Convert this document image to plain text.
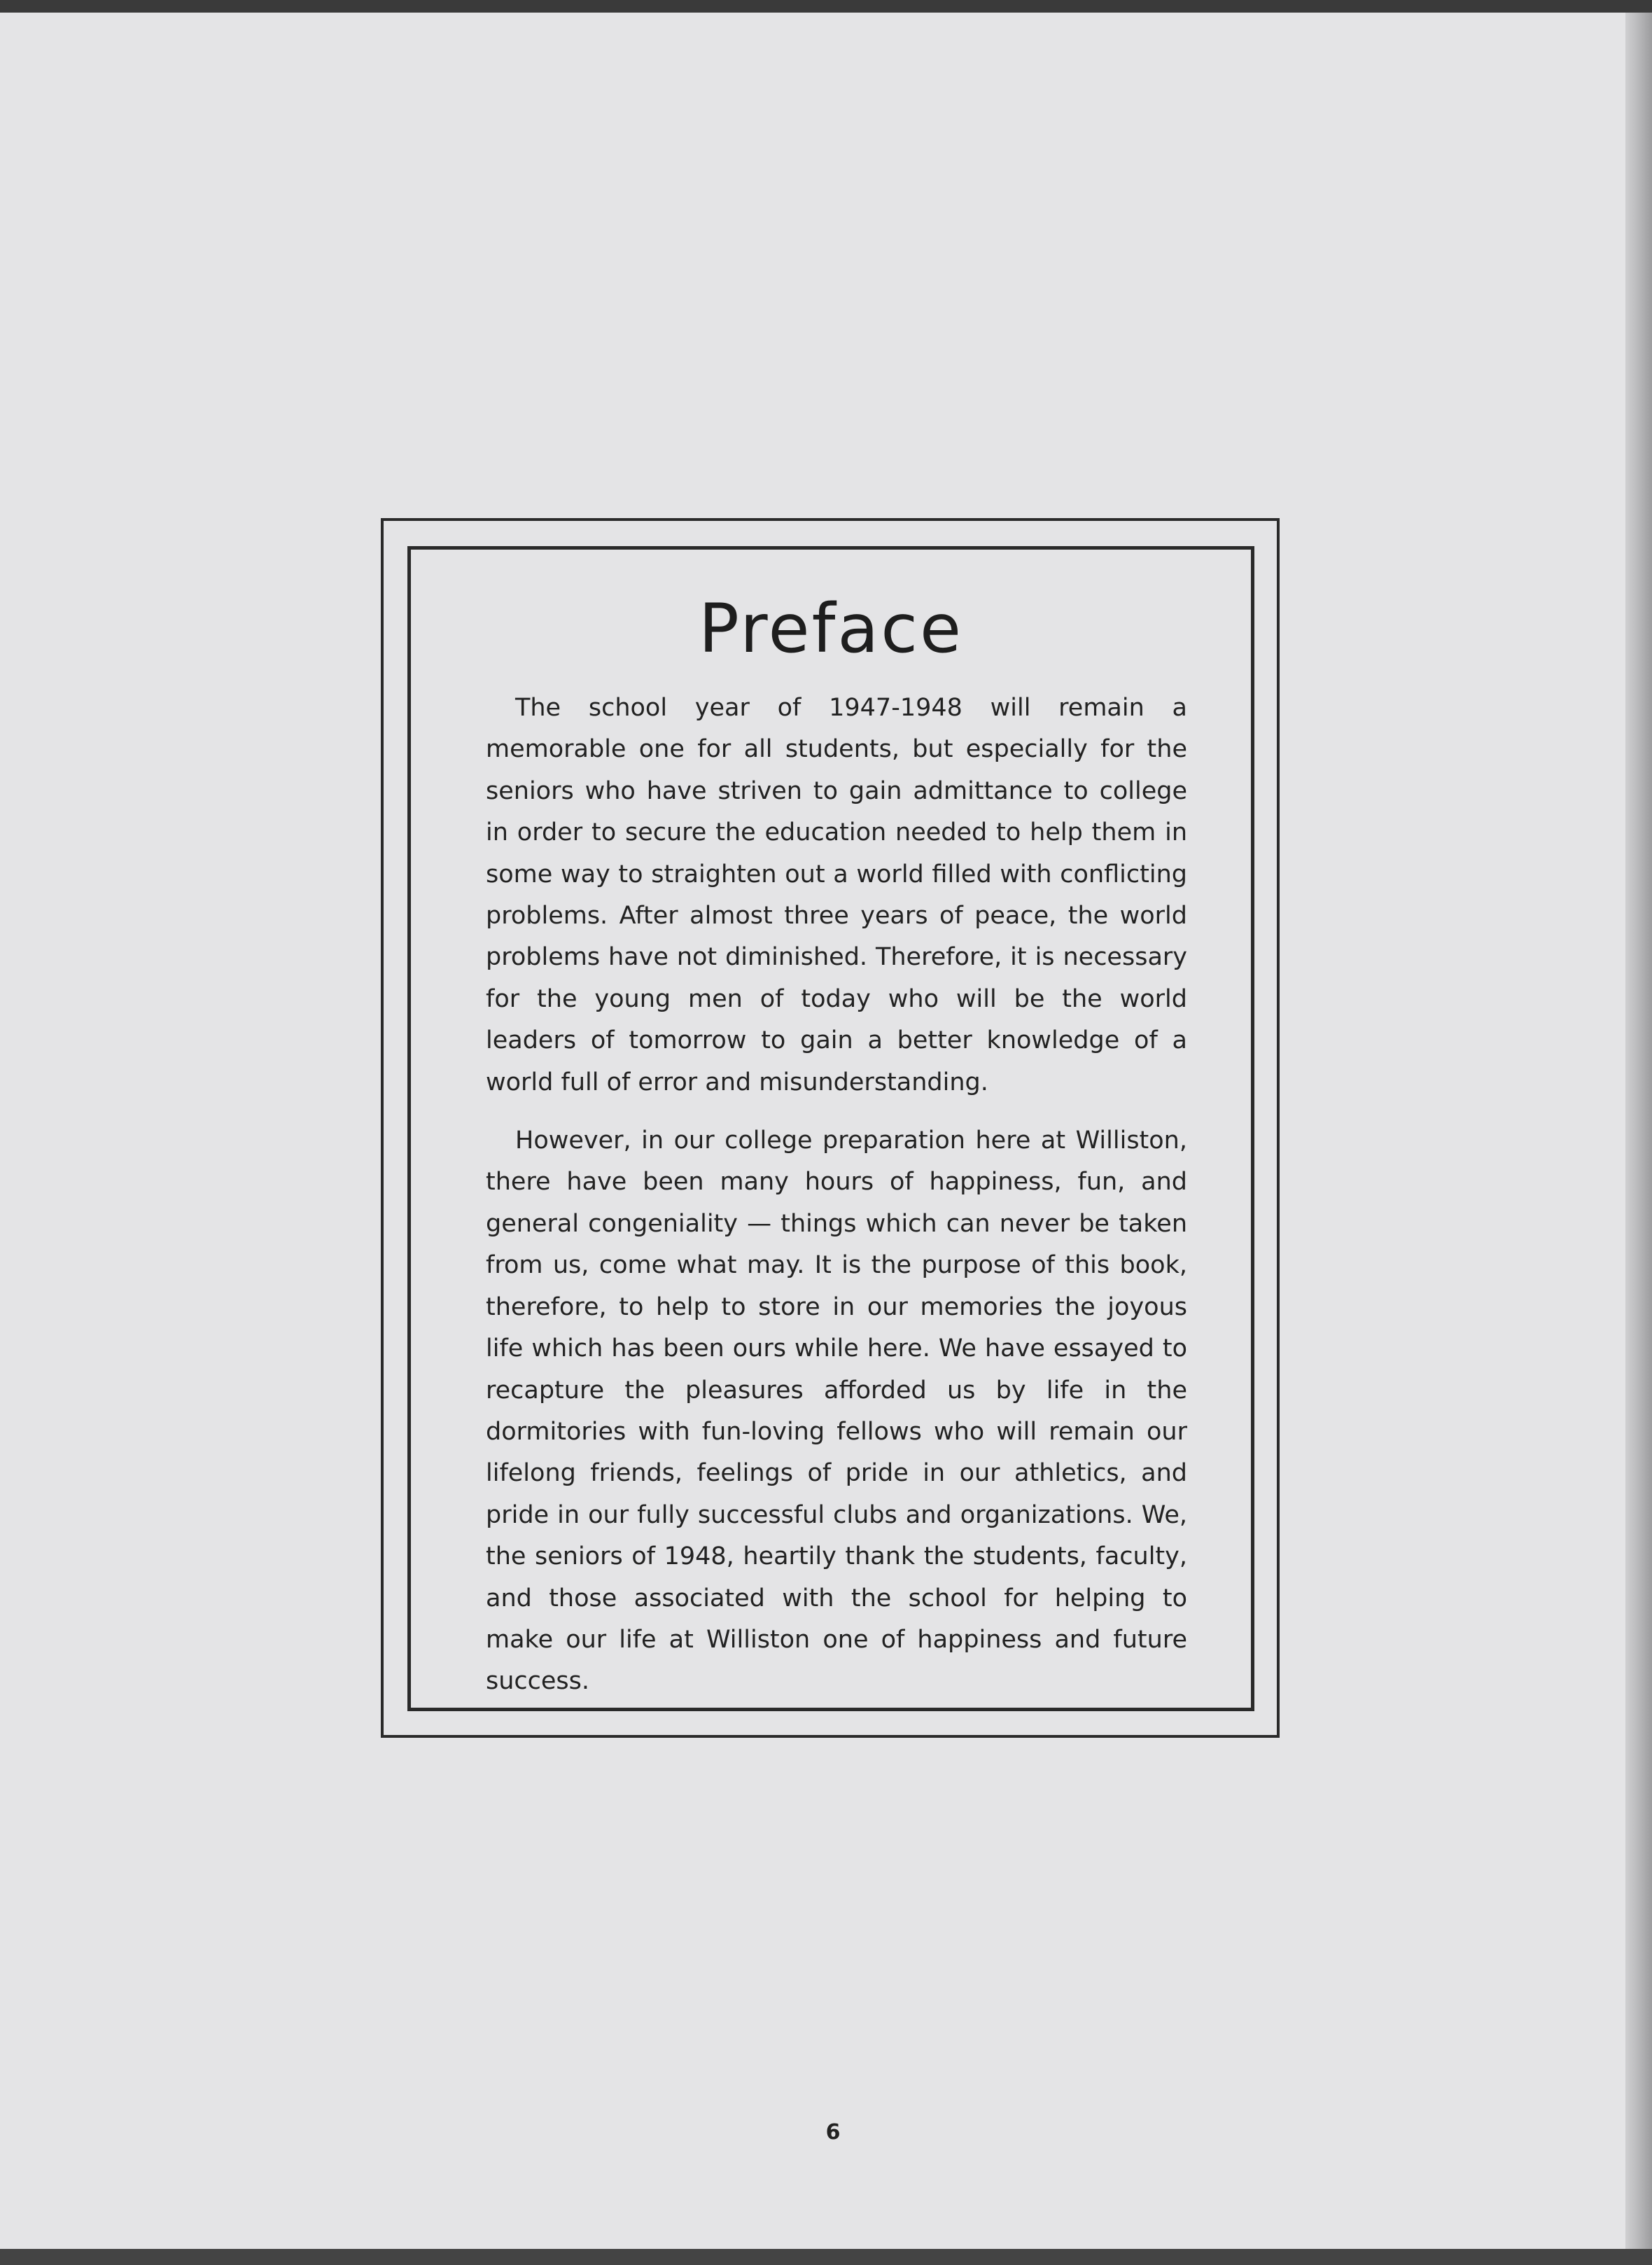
Preface

The school year of 1947-1948 will remain a memorable one for all students, but especially for the seniors who have striven to gain admittance to college in order to secure the education needed to help them in some way to straighten out a world filled with conflicting problems. After almost three years of peace, the world problems have not diminished. Therefore, it is necessary for the young men of today who will be the world leaders of tomorrow to gain a better knowledge of a world full of error and misunderstanding.

However, in our college preparation here at Williston, there have been many hours of happiness, fun, and general congeniality — things which can never be taken from us, come what may. It is the purpose of this book, therefore, to help to store in our memories the joyous life which has been ours while here. We have essayed to recapture the pleasures afforded us by life in the dormitories with fun-loving fellows who will remain our lifelong friends, feelings of pride in our athletics, and pride in our fully successful clubs and organizations. We, the seniors of 1948, heartily thank the students, faculty, and those associated with the school for helping to make our life at Williston one of happiness and future success.

6
